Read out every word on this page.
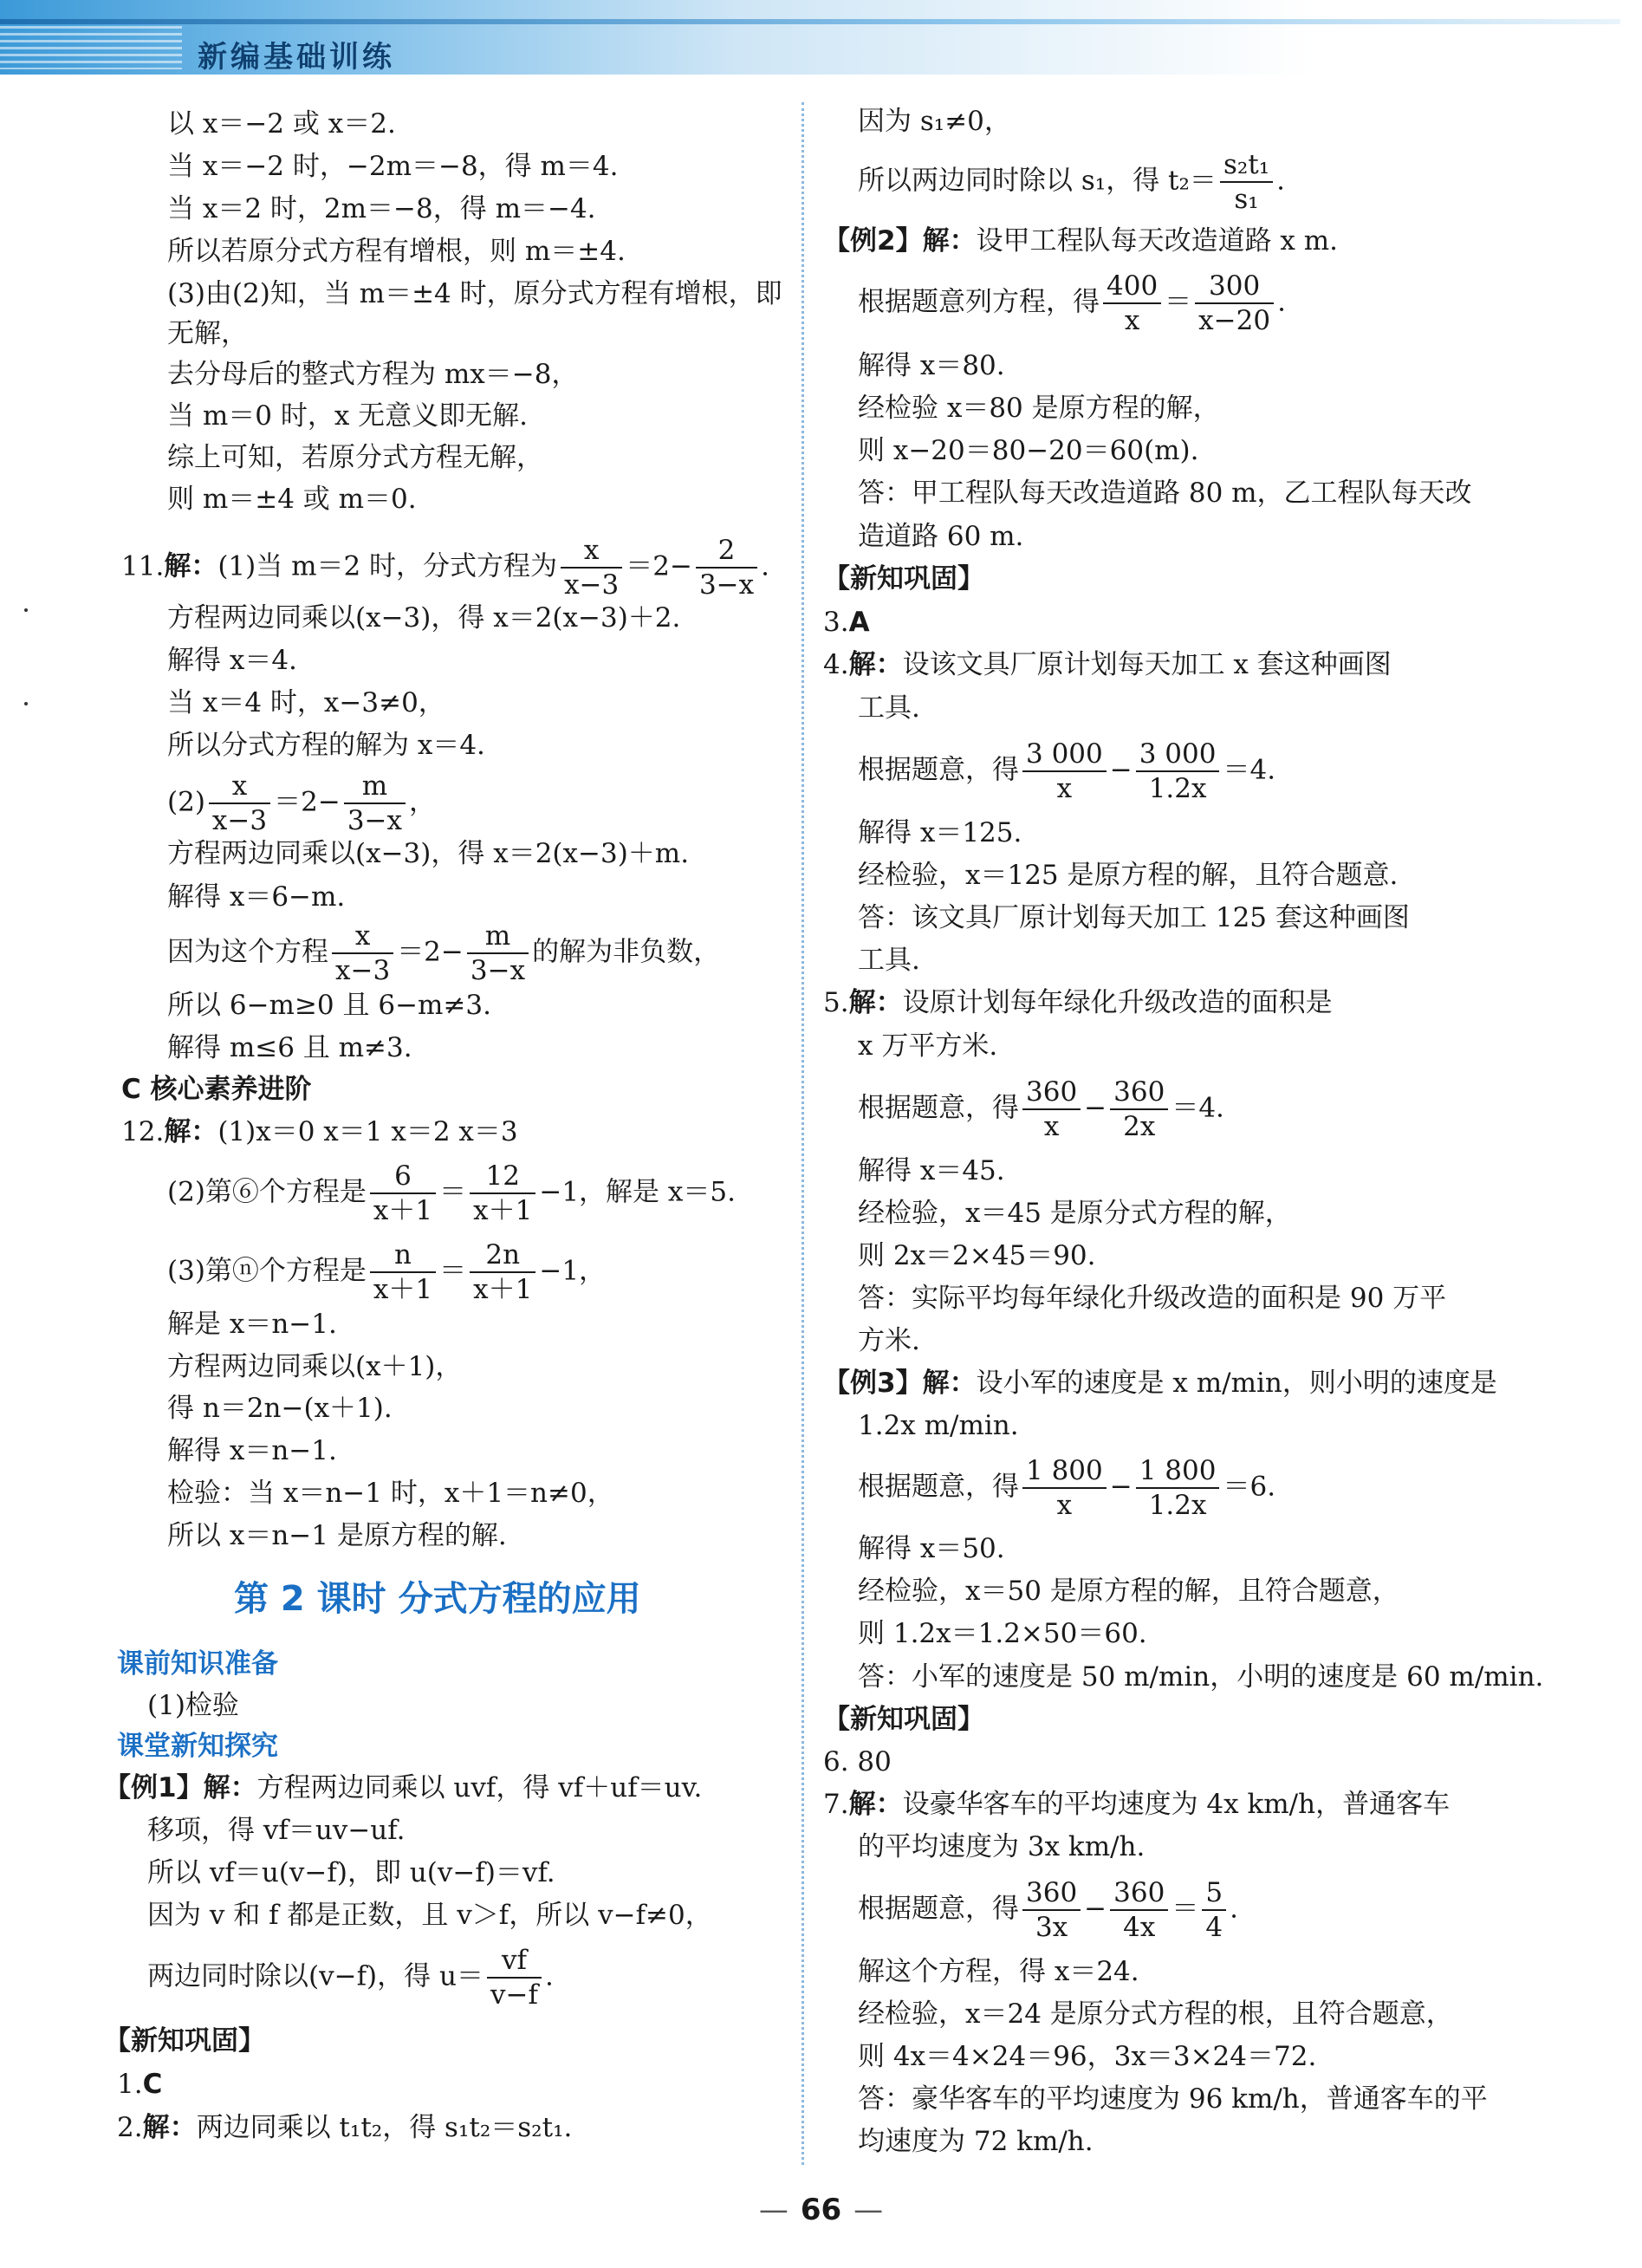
新编基础训练
以 x＝−2 或 x＝2.
当 x＝−2 时，−2m＝−8，得 m＝4.
当 x＝2 时，2m＝−8，得 m＝−4.
所以若原分式方程有增根，则 m＝±4.
(3)由(2)知，当 m＝±4 时，原分式方程有增根，即
无解，
去分母后的整式方程为 mx＝−8，
当 m＝0 时，x 无意义即无解.
综上可知，若原分式方程无解，
则 m＝±4 或 m＝0.
11.解：(1)当 m＝2 时，分式方程为 $\frac{x}{x-3} =2- \frac{2}{3-x}$ .
方程两边同乘以(x−3)，得 x＝2(x−3)＋2.
解得 x＝4.
当 x＝4 时，x−3≠0，
所以分式方程的解为 x＝4.
$(2) \frac{x}{x-3} =2- \frac{m}{3-x}$ ，
方程两边同乘以(x−3)，得 x＝2(x−3)＋m.
解得 x＝6−m.
因为这个方程 $\frac{x}{x-3} =2- \frac{m}{3-x}$ 的解为非负数，
所以 6−m≥0 且 6−m≠3.
解得 m≤6 且 m≠3.
C 核心素养进阶
12.解：(1)x＝0 x＝1 x＝2 x＝3
(2)第⑥个方程是 $\frac{6}{x+1} = \frac{12}{x+1} -1$，解是 x＝5.
(3)第ⓝ个方程是 $\frac{n}{x+1} = \frac{2n}{x+1} -1$，
解是 x＝n−1.
方程两边同乘以(x＋1)，
得 n＝2n−(x＋1).
解得 x＝n−1.
检验：当 x＝n−1 时，x＋1＝n≠0，
所以 x＝n−1 是原方程的解.
第 2 课时 分式方程的应用
课前知识准备
(1)检验
课堂新知探究
【例1】解：方程两边同乘以 uvf，得 vf＋uf＝uv.
移项，得 vf＝uv−uf.
所以 vf＝u(v−f)，即 u(v−f)＝vf.
因为 v 和 f 都是正数，且 v＞f，所以 v−f≠0，
两边同时除以(v−f)，得 $u= \frac{vf}{v-f}$ .
【新知巩固】
1.C
2.解：两边同乘以 t₁t₂，得 s₁t₂＝s₂t₁.
因为 s₁≠0，
所以两边同时除以 s₁，得 $t_2= \frac{\text{s₂t₁}}{\text{s₁}}$ .
【例2】解：设甲工程队每天改造道路 x m.
根据题意列方程，得 $\frac{400}{x} = \frac{300}{x-20}$ .
解得 x＝80.
经检验 x＝80 是原方程的解，
则 x−20＝80−20＝60(m).
答：甲工程队每天改造道路 80 m，乙工程队每天改
造道路 60 m.
【新知巩固】
3.A
4.解：设该文具厂原计划每天加工 x 套这种画图
工具.
根据题意，得 $\frac{3 000}{x} - \frac{3 000}{1.2x} =4$.
解得 x＝125.
经检验，x＝125 是原方程的解，且符合题意.
答：该文具厂原计划每天加工 125 套这种画图
工具.
5.解：设原计划每年绿化升级改造的面积是
x 万平方米.
根据题意，得 $\frac{360}{x} - \frac{360}{2x} =4$.
解得 x＝45.
经检验，x＝45 是原分式方程的解，
则 2x＝2×45＝90.
答：实际平均每年绿化升级改造的面积是 90 万平
方米.
【例3】解：设小军的速度是 x m/min，则小明的速度是
1.2x m/min.
根据题意，得 $\frac{1 800}{x} - \frac{1 800}{1.2x} =6$.
解得 x＝50.
经检验，x＝50 是原方程的解，且符合题意，
则 1.2x＝1.2×50＝60.
答：小军的速度是 50 m/min，小明的速度是 60 m/min.
【新知巩固】
6. 80
7.解：设豪华客车的平均速度为 4x km/h，普通客车
的平均速度为 3x km/h.
根据题意，得 $\frac{360}{3x} - \frac{360}{4x} = \frac{5}{4}$ .
解这个方程，得 x＝24.
经检验，x＝24 是原分式方程的根，且符合题意，
则 4x＝4×24＝96，3x＝3×24＝72.
答：豪华客车的平均速度为 96 km/h，普通客车的平
均速度为 72 km/h.
— 66 —
